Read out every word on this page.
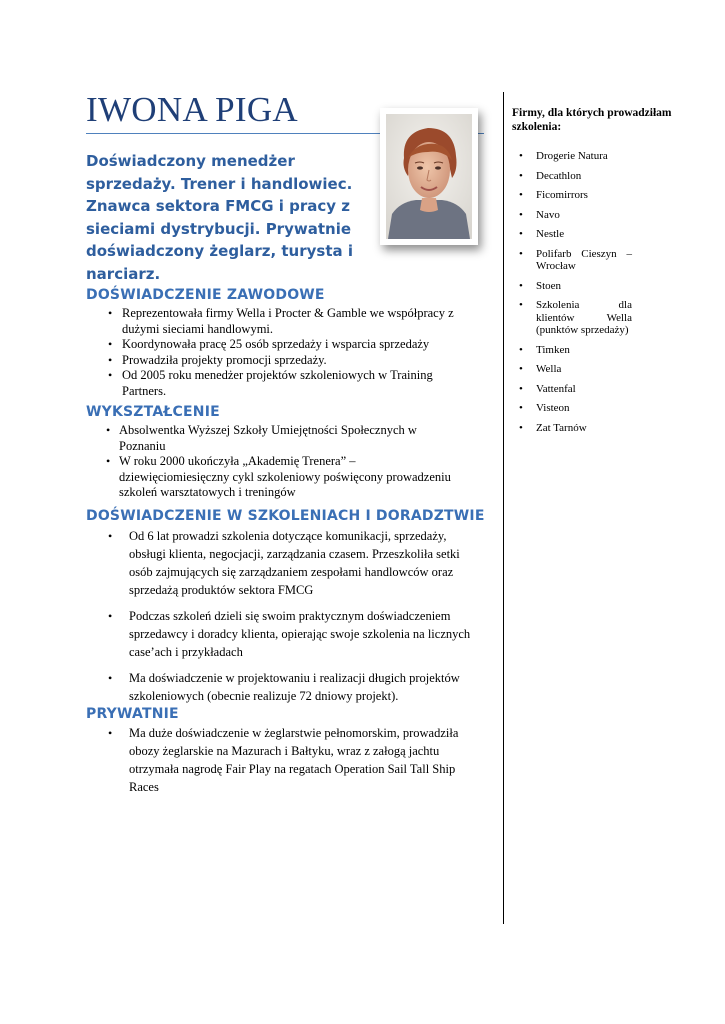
IWONA PIGA

Doświadczony menedżer sprzedaży. Trener i handlowiec. Znawca sektora FMCG i pracy z sieciami dystrybucji. Prywatnie doświadczony żeglarz, turysta i narciarz.

DOŚWIADCZENIE ZAWODOWE
• Reprezentowała firmy Wella i Procter & Gamble we współpracy z dużymi sieciami handlowymi.
• Koordynowała pracę 25 osób sprzedaży i wsparcia sprzedaży
• Prowadziła projekty promocji sprzedaży.
• Od 2005 roku menedżer projektów szkoleniowych w Training Partners.
WYKSZTAŁCENIE
• Absolwentka Wyższej Szkoły Umiejętności Społecznych w Poznaniu
• W roku 2000 ukończyła „Akademię Trenera” – dziewięciomiesięczny cykl szkoleniowy poświęcony prowadzeniu szkoleń warsztatowych i treningów
DOŚWIADCZENIE W SZKOLENIACH I DORADZTWIE
• Od 6 lat prowadzi szkolenia dotyczące komunikacji, sprzedaży, obsługi klienta, negocjacji, zarządzania czasem. Przeszkoliła setki osób zajmujących się zarządzaniem zespołami handlowców oraz sprzedażą produktów sektora FMCG
• Podczas szkoleń dzieli się swoim praktycznym doświadczeniem sprzedawcy i doradcy klienta, opierając swoje szkolenia na licznych case’ach i przykładach
• Ma doświadczenie w projektowaniu i realizacji długich projektów szkoleniowych (obecnie realizuje 72 dniowy projekt).
PRYWATNIE
• Ma duże doświadczenie w żeglarstwie pełnomorskim, prowadziła obozy żeglarskie na Mazurach i Bałtyku, wraz z załogą jachtu otrzymała nagrodę Fair Play na regatach Operation Sail Tall Ship Races

Firmy, dla których prowadziłam szkolenia:

• Drogerie Natura
• Decathlon
• Ficomirrors
• Navo
• Nestle
• Polifarb Cieszyn – Wrocław
• Stoen
• Szkolenia dla klientów Wella (punktów sprzedaży)
• Timken
• Wella
• Vattenfal
• Visteon
• Zat Tarnów
